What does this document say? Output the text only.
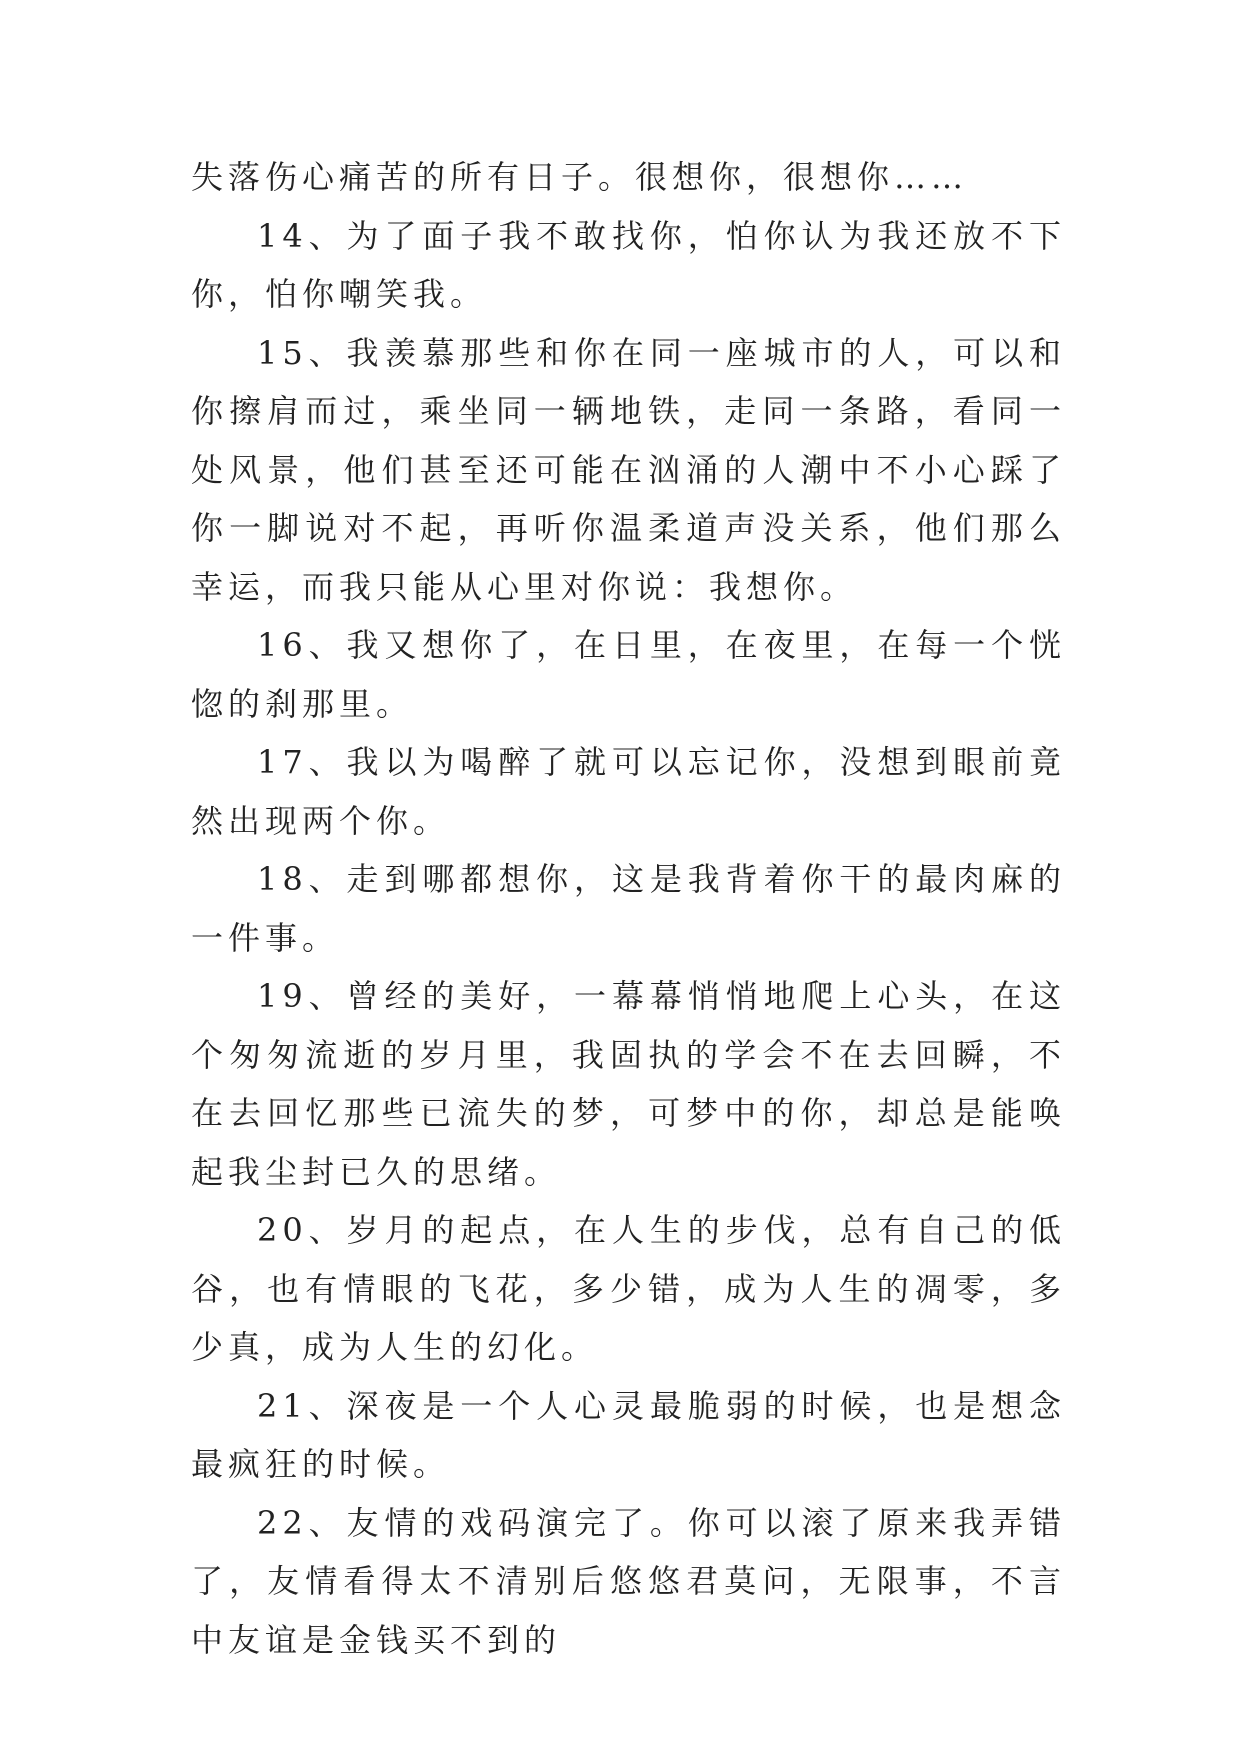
失落伤心痛苦的所有日子。很想你，很想你……

14、为了面子我不敢找你，怕你认为我还放不下你，怕你嘲笑我。

15、我羡慕那些和你在同一座城市的人，可以和你擦肩而过，乘坐同一辆地铁，走同一条路，看同一处风景，他们甚至还可能在汹涌的人潮中不小心踩了你一脚说对不起，再听你温柔道声没关系，他们那么幸运，而我只能从心里对你说：我想你。

16、我又想你了，在日里，在夜里，在每一个恍惚的刹那里。

17、我以为喝醉了就可以忘记你，没想到眼前竟然出现两个你。

18、走到哪都想你，这是我背着你干的最肉麻的一件事。

19、曾经的美好，一幕幕悄悄地爬上心头，在这个匆匆流逝的岁月里，我固执的学会不在去回瞬，不在去回忆那些已流失的梦，可梦中的你，却总是能唤起我尘封已久的思绪。

20、岁月的起点，在人生的步伐，总有自己的低谷，也有情眼的飞花，多少错，成为人生的凋零，多少真，成为人生的幻化。

21、深夜是一个人心灵最脆弱的时候，也是想念最疯狂的时候。

22、友情的戏码演完了。你可以滚了原来我弄错了，友情看得太不清别后悠悠君莫问，无限事，不言中友谊是金钱买不到的
